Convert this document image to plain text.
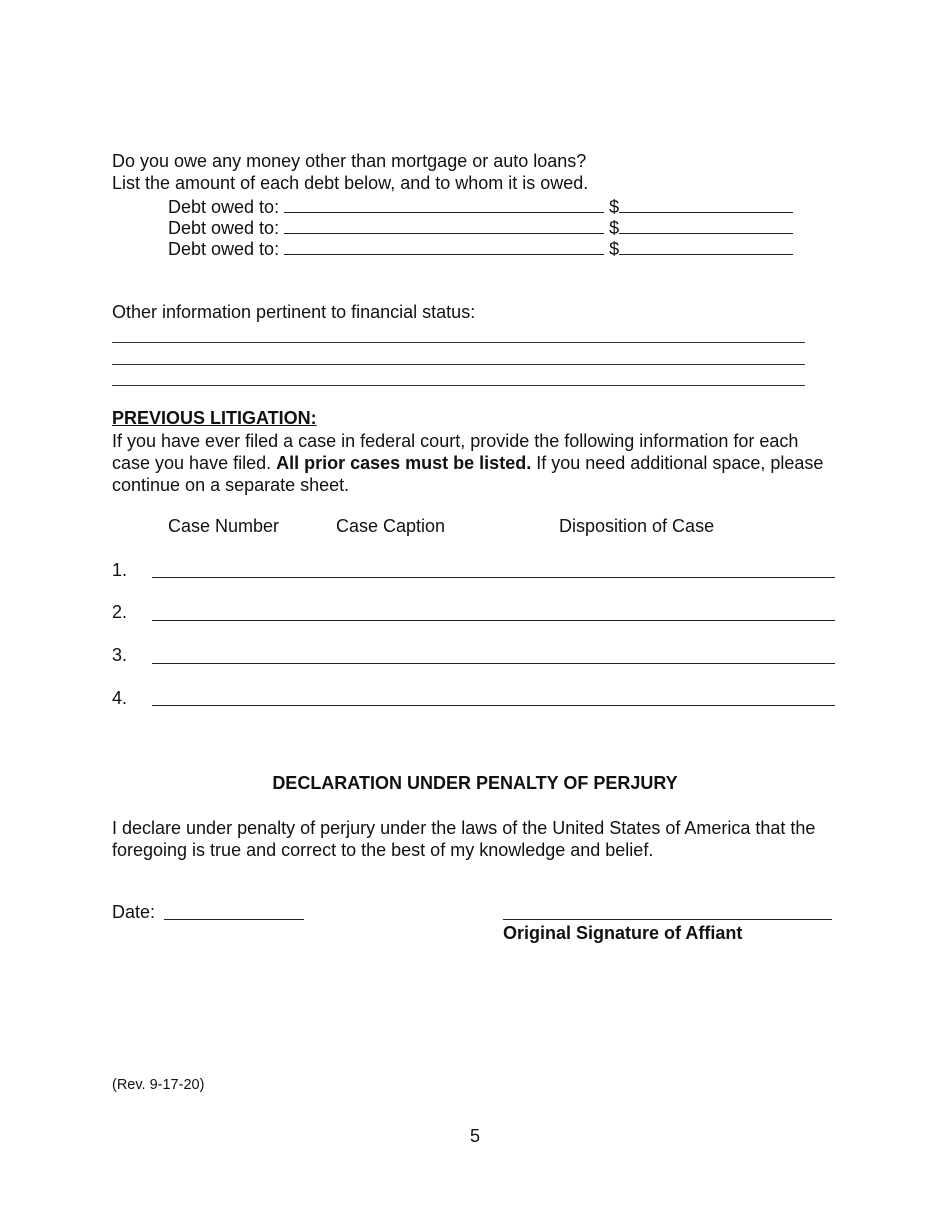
Do you owe any money other than mortgage or auto loans?
List the amount of each debt below, and to whom it is owed.
Debt owed to:	$
Debt owed to:	$
Debt owed to:	$
Other information pertinent to financial status:
PREVIOUS LITIGATION:
If you have ever filed a case in federal court, provide the following information for each case you have filed. All prior cases must be listed. If you need additional space, please continue on a separate sheet.
Case Number	Case Caption	Disposition of Case
1.
2.
3.
4.
DECLARATION UNDER PENALTY OF PERJURY
I declare under penalty of perjury under the laws of the United States of America that the foregoing is true and correct to the best of my knowledge and belief.
Date:
Original Signature of Affiant
(Rev. 9-17-20)
5
